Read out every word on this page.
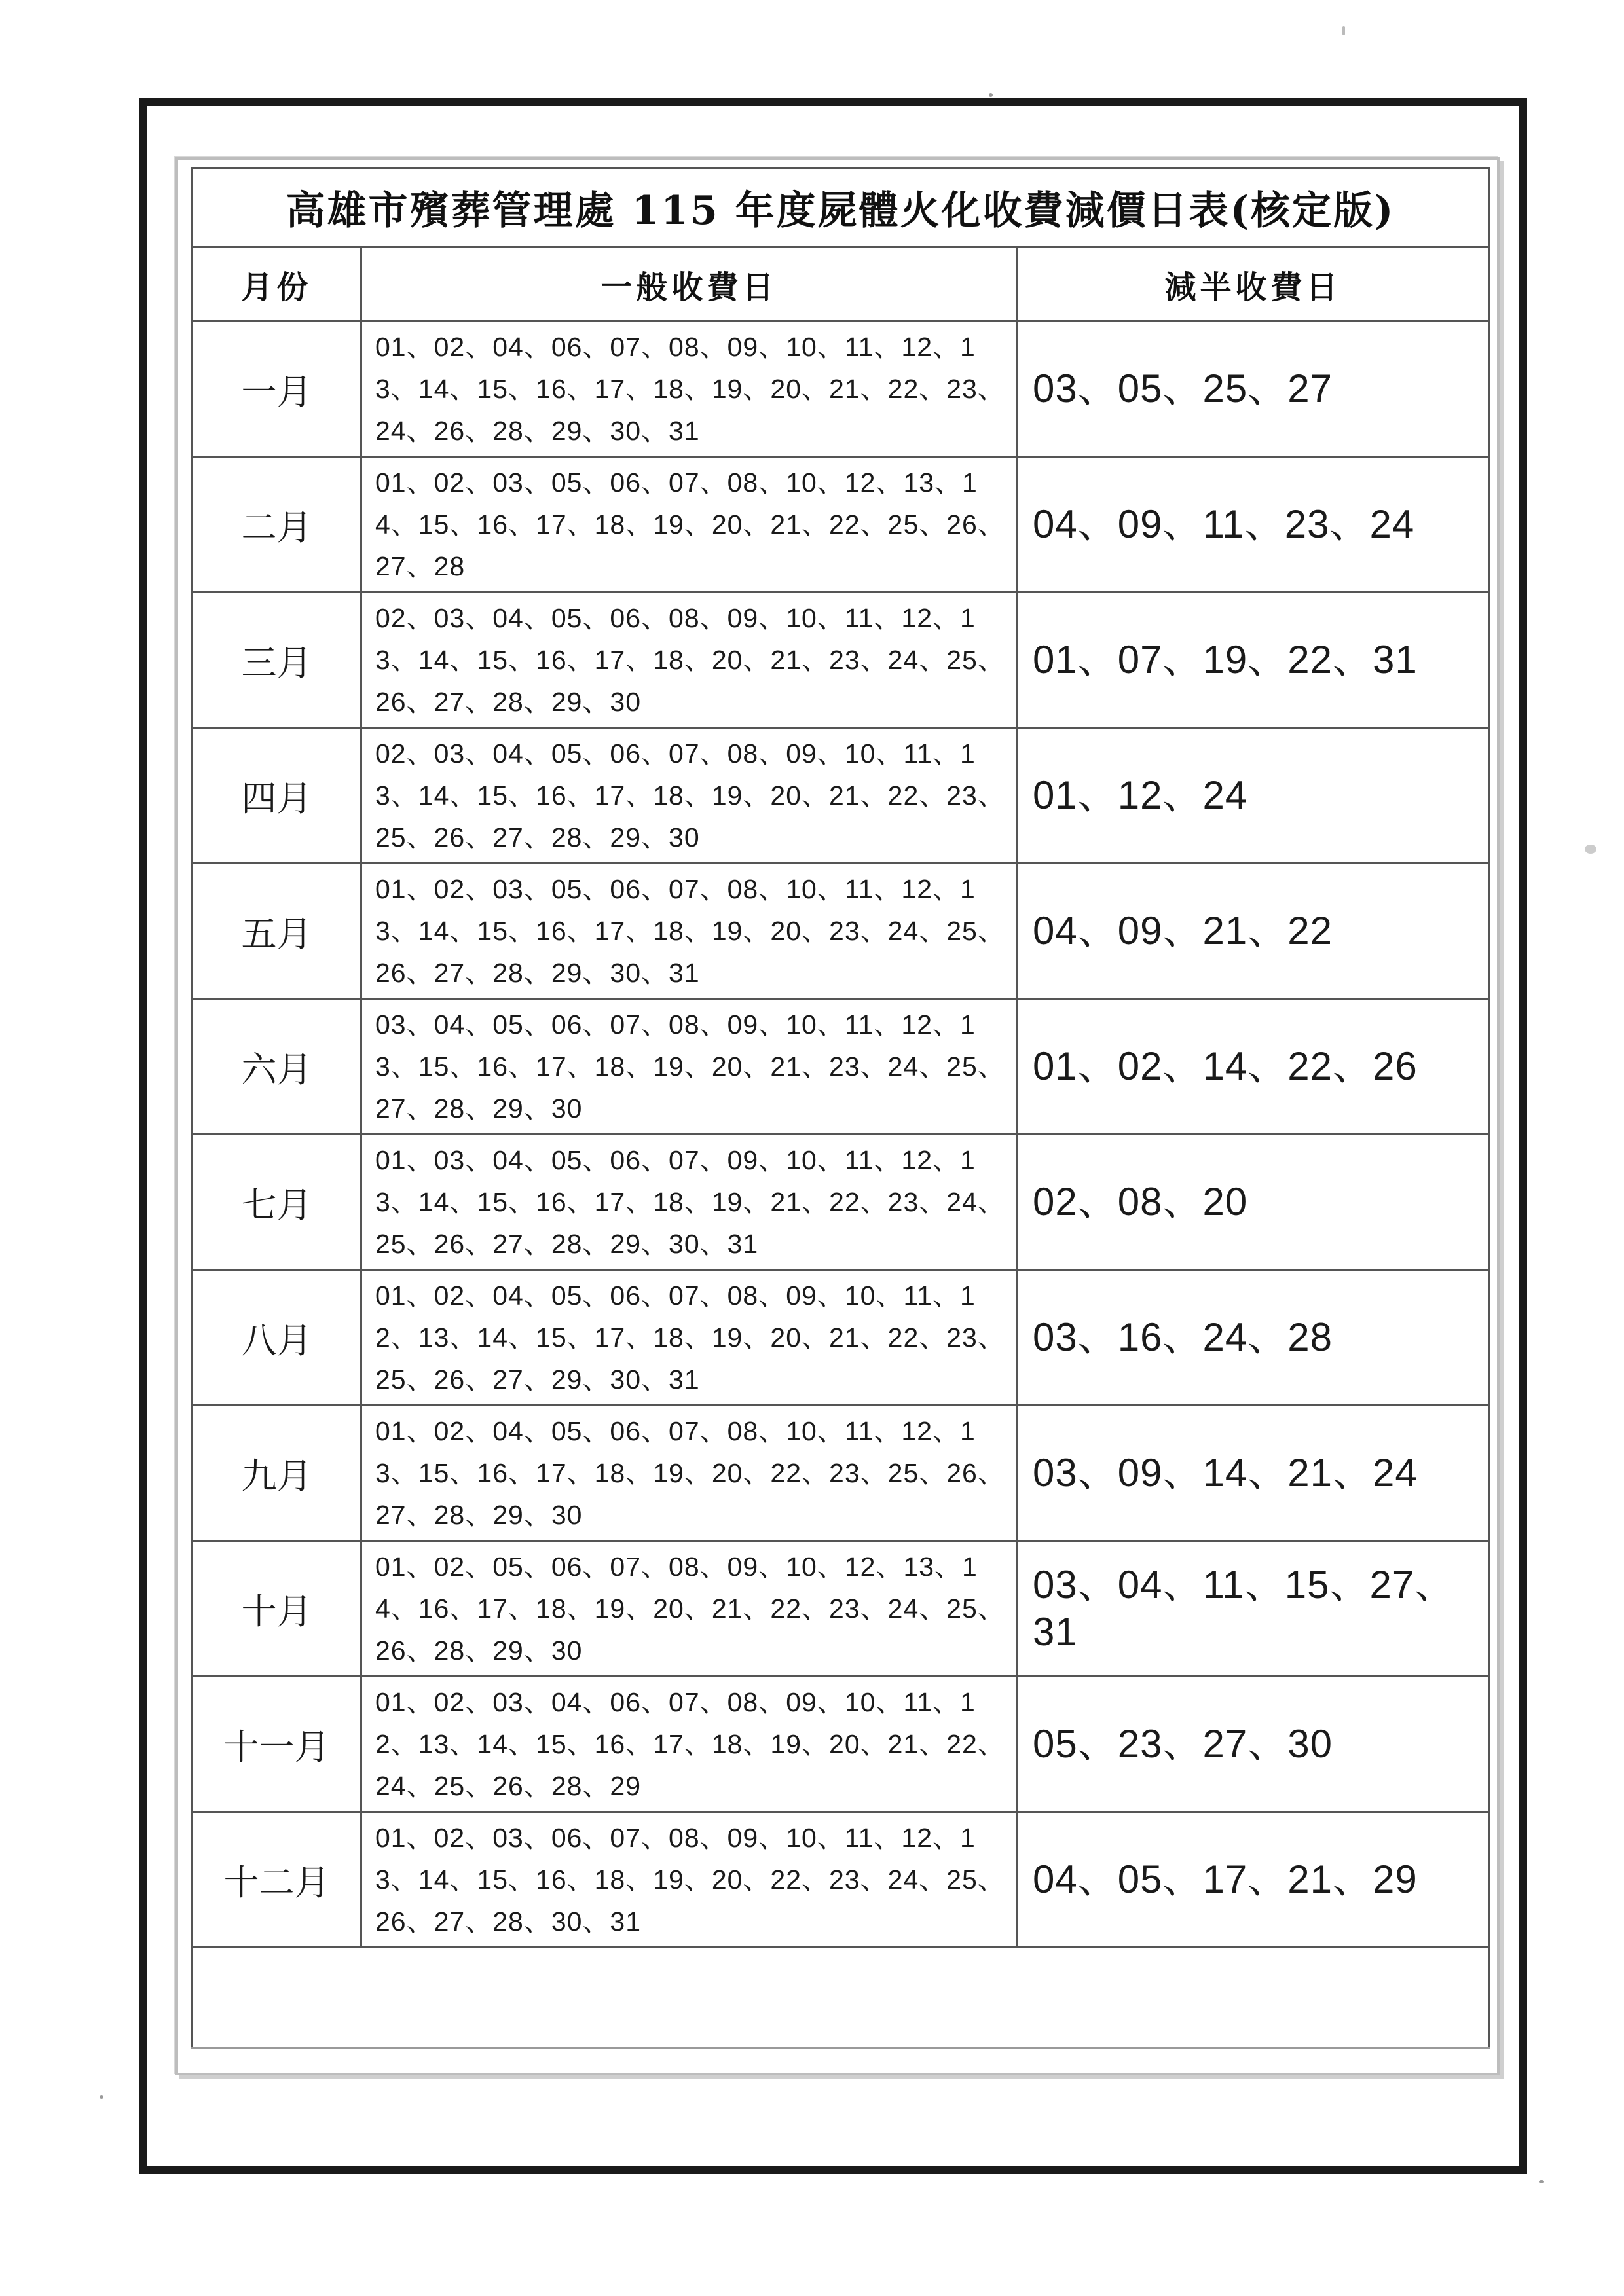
高雄市殯葬管理處 115 年度屍體火化收費減價日表(核定版)		
月份	一般收費日	減半收費日
一月	01、02、04、06、07、08、09、10、11、12、13、14、15、16、17、18、19、20、21、22、23、24、26、28、29、30、31	03、05、25、27
二月	01、02、03、05、06、07、08、10、12、13、14、15、16、17、18、19、20、21、22、25、26、27、28	04、09、11、23、24
三月	02、03、04、05、06、08、09、10、11、12、13、14、15、16、17、18、20、21、23、24、25、26、27、28、29、30	01、07、19、22、31
四月	02、03、04、05、06、07、08、09、10、11、13、14、15、16、17、18、19、20、21、22、23、25、26、27、28、29、30	01、12、24
五月	01、02、03、05、06、07、08、10、11、12、13、14、15、16、17、18、19、20、23、24、25、26、27、28、29、30、31	04、09、21、22
六月	03、04、05、06、07、08、09、10、11、12、13、15、16、17、18、19、20、21、23、24、25、27、28、29、30	01、02、14、22、26
七月	01、03、04、05、06、07、09、10、11、12、13、14、15、16、17、18、19、21、22、23、24、25、26、27、28、29、30、31	02、08、20
八月	01、02、04、05、06、07、08、09、10、11、12、13、14、15、17、18、19、20、21、22、23、25、26、27、29、30、31	03、16、24、28
九月	01、02、04、05、06、07、08、10、11、12、13、15、16、17、18、19、20、22、23、25、26、27、28、29、30	03、09、14、21、24
十月	01、02、05、06、07、08、09、10、12、13、14、16、17、18、19、20、21、22、23、24、25、26、28、29、30	03、04、11、15、27、31
十一月	01、02、03、04、06、07、08、09、10、11、12、13、14、15、16、17、18、19、20、21、22、24、25、26、28、29	05、23、27、30
十二月	01、02、03、06、07、08、09、10、11、12、13、14、15、16、18、19、20、22、23、24、25、26、27、28、30、31	04、05、17、21、29
